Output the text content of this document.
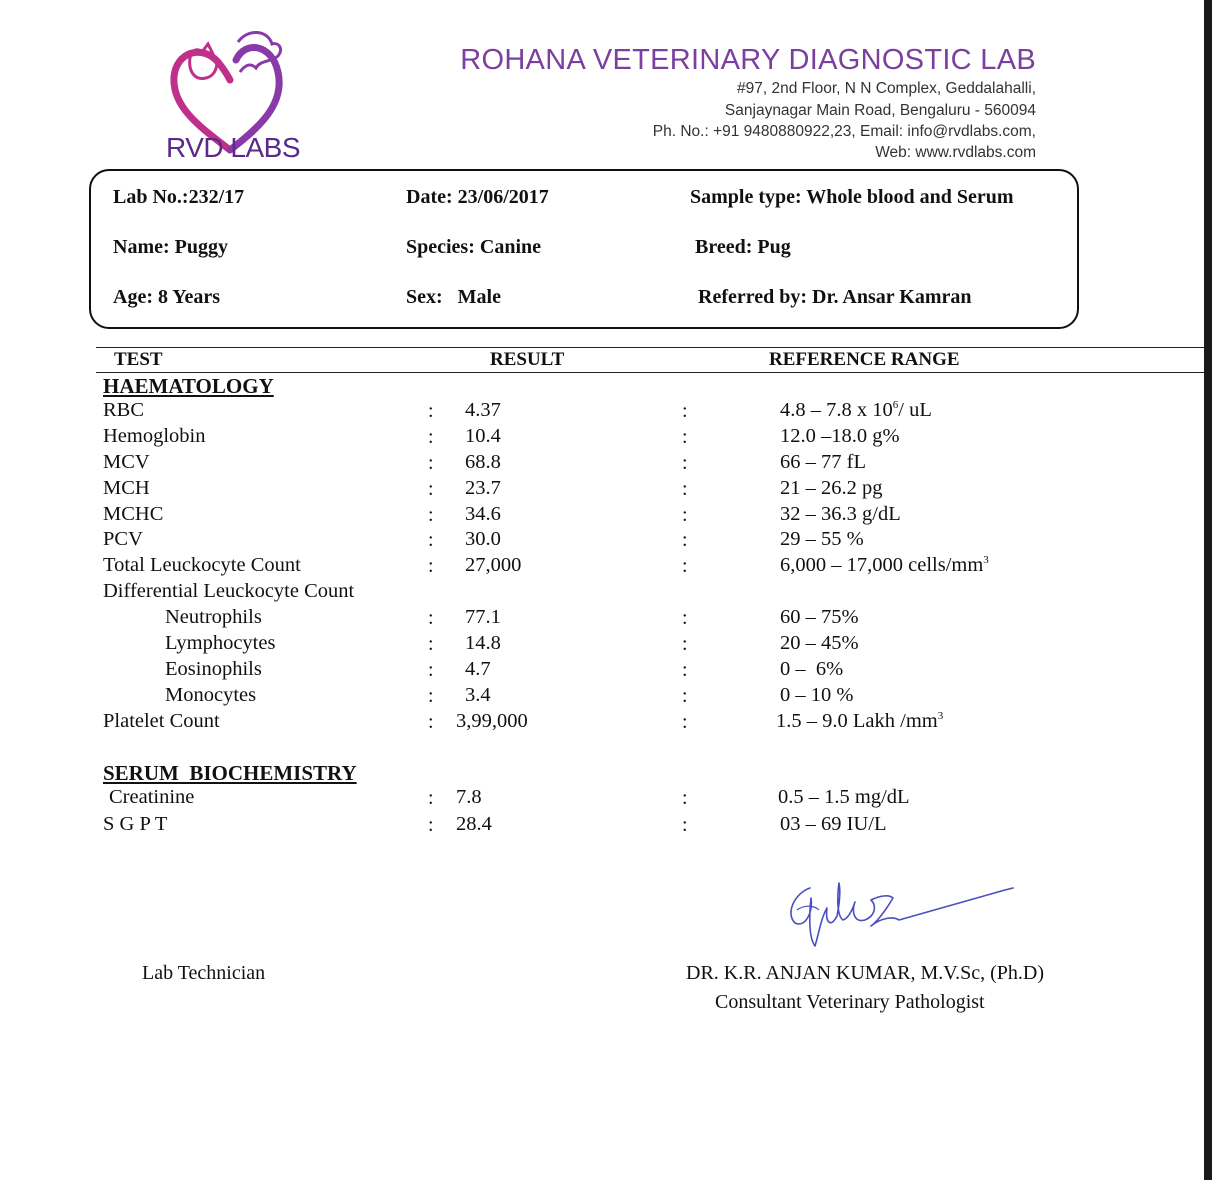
RVD LABS
ROHANA VETERINARY DIAGNOSTIC LAB
#97, 2nd Floor, N N Complex, Geddalahalli,
Sanjaynagar Main Road, Bengaluru - 560094
Ph. No.: +91 9480880922,23, Email: info@rvdlabs.com,
Web: www.rvdlabs.com
Lab No.:232/17	Date: 23/06/2017	Sample type: Whole blood and Serum
Name: Puggy	Species: Canine	Breed: Pug
Age: 8 Years	Sex:   Male	Referred by: Dr. Ansar Kamran
TEST	RESULT	REFERENCE RANGE
HAEMATOLOGY
RBC	: 4.37	:	4.8 – 7.8 x $10^6/$ uL
Hemoglobin	: 10.4	:	12.0 –18.0 g%
MCV	: 68.8	:	66 – 77 fL
MCH	: 23.7	:	21 – 26.2 pg
MCHC	: 34.6	:	32 – 36.3 g/dL
PCV	: 30.0	:	29 – 55 %
Total Leuckocyte Count	: 27,000	:	6,000 – 17,000 cells/$mm^3$
Differential Leuckocyte Count
Neutrophils	: 77.1	:	60 – 75%
Lymphocytes	: 14.8	:	20 – 45%
Eosinophils	: 4.7	:	0 –  6%
Monocytes	: 3.4	:	0 – 10 %
Platelet Count	: 3,99,000	:	1.5 – 9.0 Lakh $/mm^3$
SERUM  BIOCHEMISTRY
Creatinine	: 7.8	:	0.5 – 1.5 mg/dL
S G P T	: 28.4	:	03 – 69 IU/L
Lab Technician	DR. K.R. ANJAN KUMAR, M.V.Sc, (Ph.D)
Consultant Veterinary Pathologist
